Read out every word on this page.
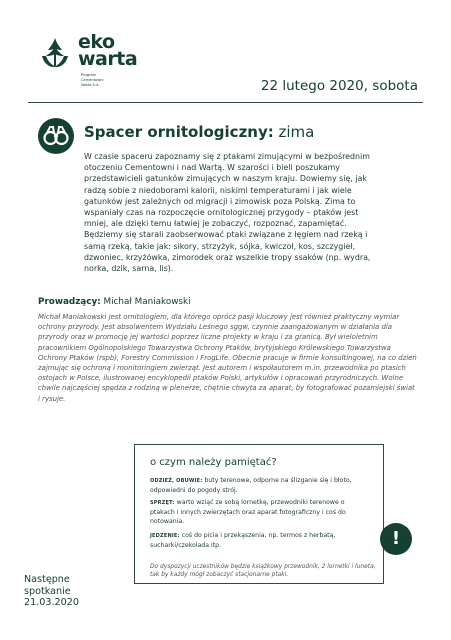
eko
warta
Program
Cementowni
Warta S.A.	22 lutego 2020, sobota
Spacer ornitologiczny: zima
W czasie spaceru zapoznamy się z ptakami zimującymi w bezpośrednim otoczeniu Cementowni i nad Wartą. W szarości i bieli poszukamy przedstawicieli gatunków zimujących w naszym kraju. Dowiemy się, jak radzą sobie z niedoborami kalorii, niskimi temperaturami i jak wiele gatunków jest zależnych od migracji i zimowisk poza Polską. Zima to wspaniały czas na rozpoczęcie ornitologicznej przygody – ptaków jest mniej, ale dzięki temu łatwiej je zobaczyć, rozpoznać, zapamiętać. Będziemy się starali zaobserwować ptaki związane z łęgiem nad rzeką i samą rzeką, takie jak: sikory, strzyżyk, sójka, kwiczoł, kos, szczygieł, dzwoniec, krzyżówka, zimorodek oraz wszelkie tropy ssaków (np. wydra, norka, dzik, sarna, lis).
Prowadzący: Michał Maniakowski
Michał Maniakowski jest ornitologiem, dla którego oprócz pasji kluczowy jest również praktyczny wymiar ochrony przyrody. Jest absolwentem Wydziału Leśnego sggw, czynnie zaangażowanym w działania dla przyrody oraz w promocję jej wartości poprzez liczne projekty w kraju i za granicą. Był wieloletnim pracownikiem Ogólnopolskiego Towarzystwa Ochrony Ptaków, brytyjskiego Królewskiego Towarzystwa Ochrony Ptaków (rspb), Forestry Commission i FrogLife. Obecnie pracuje w firmie konsultingowej, na co dzień zajmując się ochroną i monitoringiem zwierząt. Jest autorem i współautorem m.in. przewodnika po ptasich ostojach w Polsce, ilustrowanej encyklopedii ptaków Polski, artykułów i opracowań przyrodniczych. Wolne chwile najczęściej spędza z rodziną w plenerze, chętnie chwyta za aparat, by fotografować pozamiejski świat i rysuje.
o czym należy pamiętać?
ODZIEŻ, OBUWIE: buty terenowe, odporne na ślizganie się i błoto, odpowiedni do pogody strój.
SPRZĘT: warto wziąć ze sobą lornetkę, przewodniki terenowe o ptakach i innych zwierzętach oraz aparat fotograficzny i coś do notowania.
JEDZENIE: coś do picia i przekąszenia, np. termos z herbatą, sucharki/czekolada itp.
Do dyspozycji uczestników będzie książkowy przewodnik, 2 lornetki i luneta, tak by każdy mógł zobaczyć stacjonarne ptaki.
!
Następne
spotkanie
21.03.2020
